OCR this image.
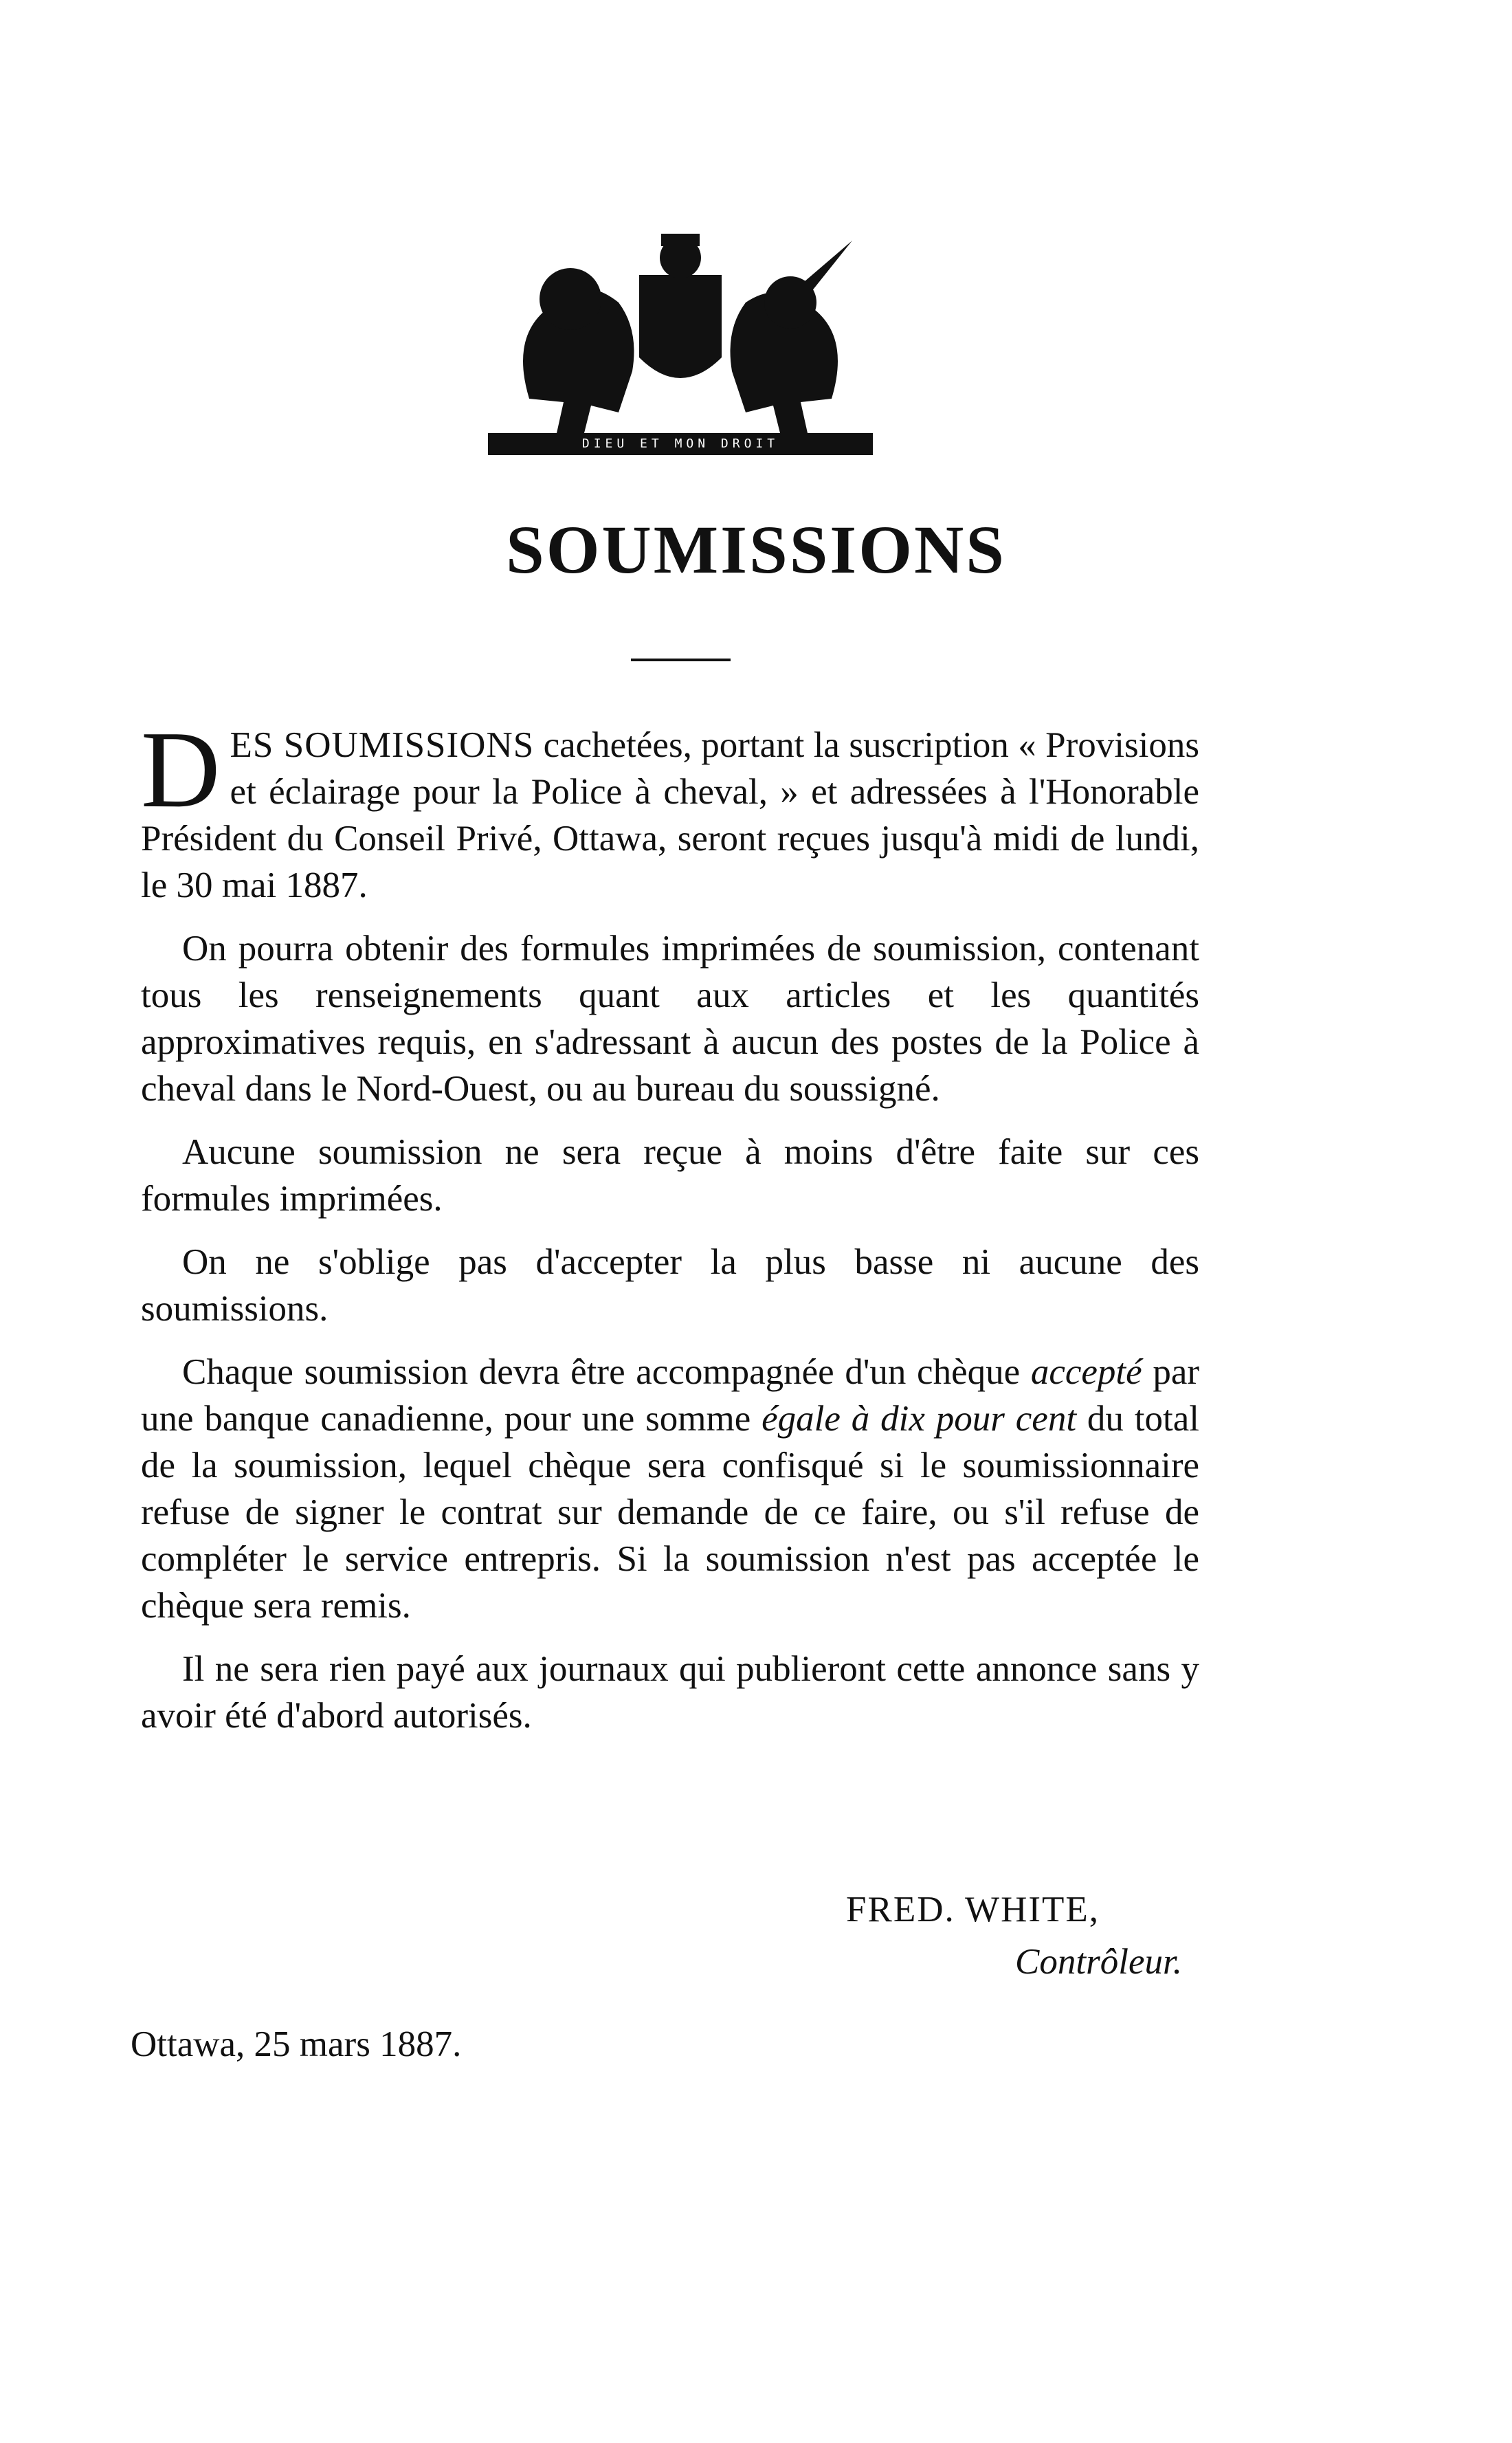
DIEU ET MON DROIT
SOUMISSIONS

DES SOUMISSIONS cachetées, portant la suscription « Provisions et éclairage pour la Police à cheval, » et adressées à l'Honorable Président du Conseil Privé, Ottawa, seront reçues jusqu'à midi de lundi, le 30 mai 1887.

On pourra obtenir des formules imprimées de soumission, contenant tous les renseignements quant aux articles et les quantités approximatives requis, en s'adressant à aucun des postes de la Police à cheval dans le Nord-Ouest, ou au bureau du soussigné.

Aucune soumission ne sera reçue à moins d'être faite sur ces formules imprimées.

On ne s'oblige pas d'accepter la plus basse ni aucune des soumissions.

Chaque soumission devra être accompagnée d'un chèque accepté par une banque canadienne, pour une somme égale à dix pour cent du total de la soumission, lequel chèque sera confisqué si le soumissionnaire refuse de signer le contrat sur demande de ce faire, ou s'il refuse de compléter le service entrepris. Si la soumission n'est pas acceptée le chèque sera remis.

Il ne sera rien payé aux journaux qui publieront cette annonce sans y avoir été d'abord autorisés.

FRED. WHITE,
Contrôleur.
Ottawa, 25 mars 1887.
